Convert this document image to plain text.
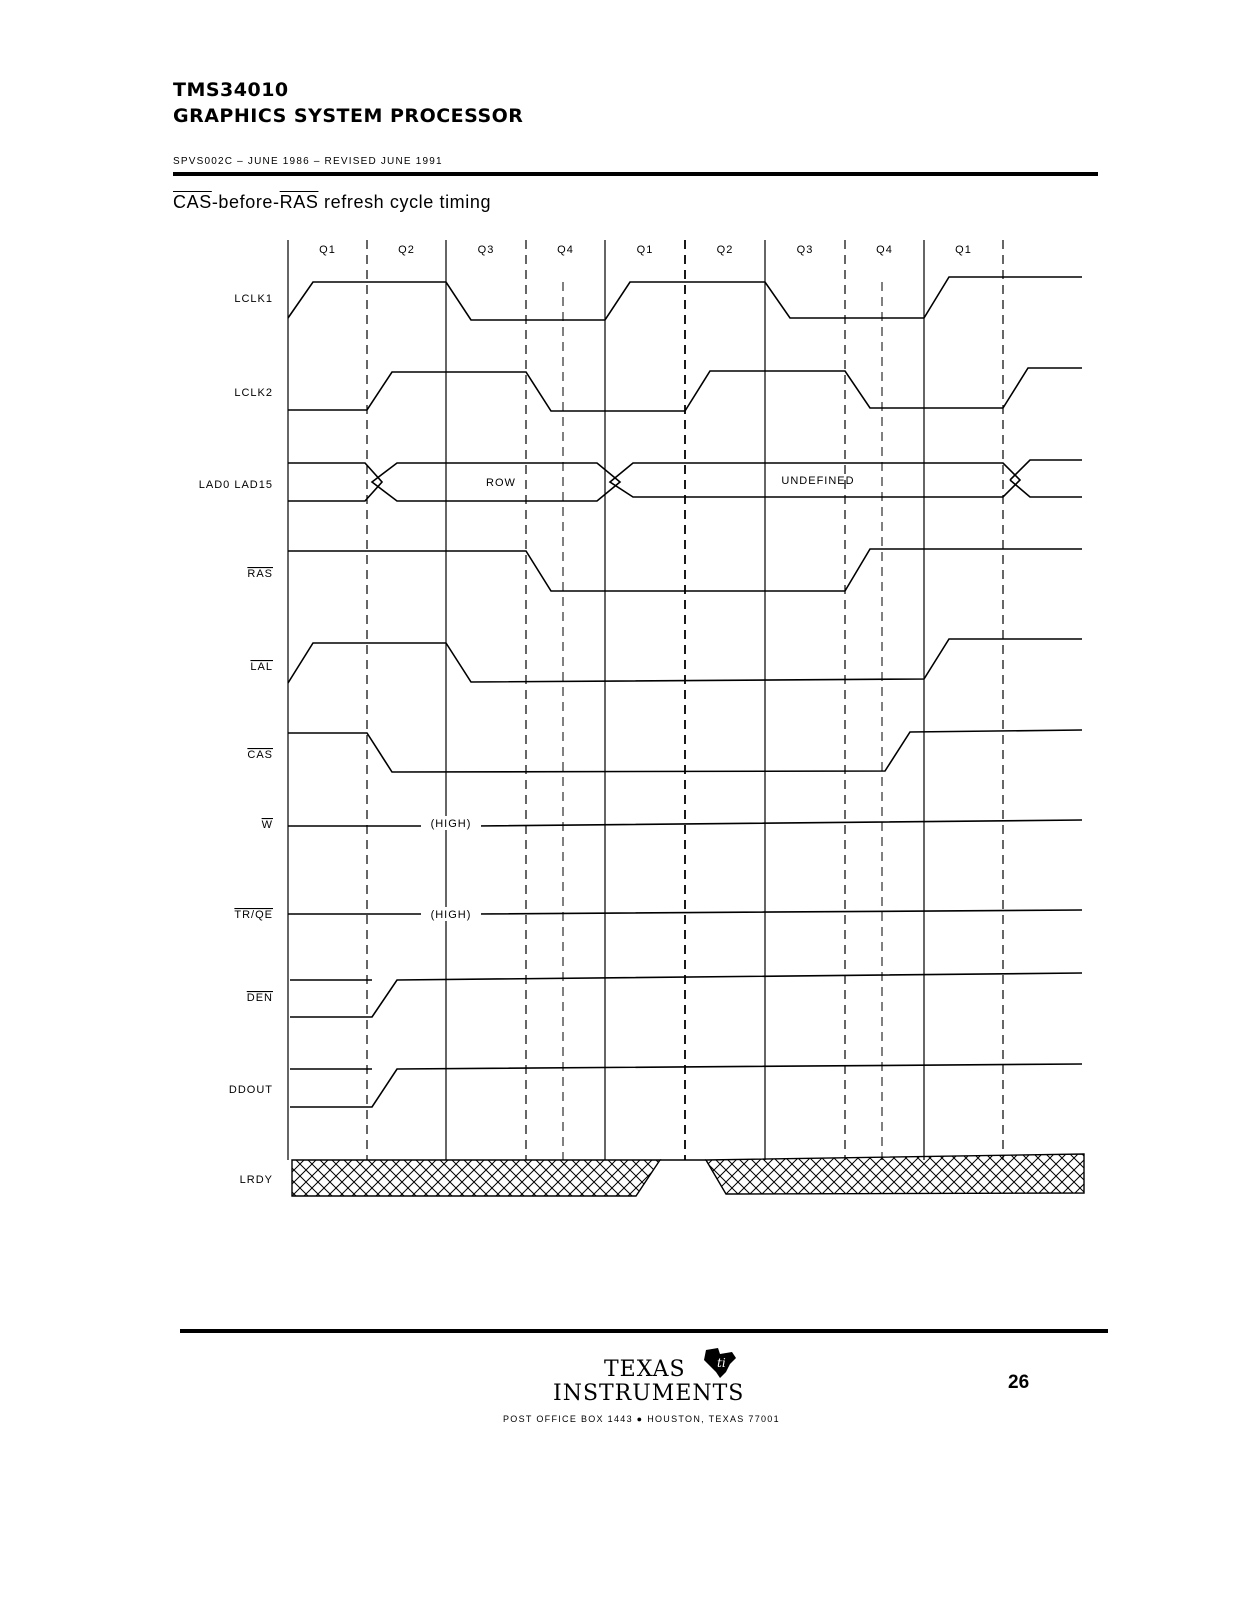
TMS34010
GRAPHICS SYSTEM PROCESSOR
SPVS002C – JUNE 1986 – REVISED JUNE 1991
$\overline{CAS}-before-\overline{RAS}$ refresh cycle timing
Q1	Q2	Q3	Q4	Q1	Q2	Q3	Q4	Q1
LCLK1
LCLK2
LAD0 LAD15
RAS
LAL
CAS
W
TR/QE
DEN
DDOUT
LRDY
ROW	UNDEFINED
(HIGH)
(HIGH)
TEXAS
INSTRUMENTS
ti
POST OFFICE BOX 1443 ● HOUSTON, TEXAS 77001
26
